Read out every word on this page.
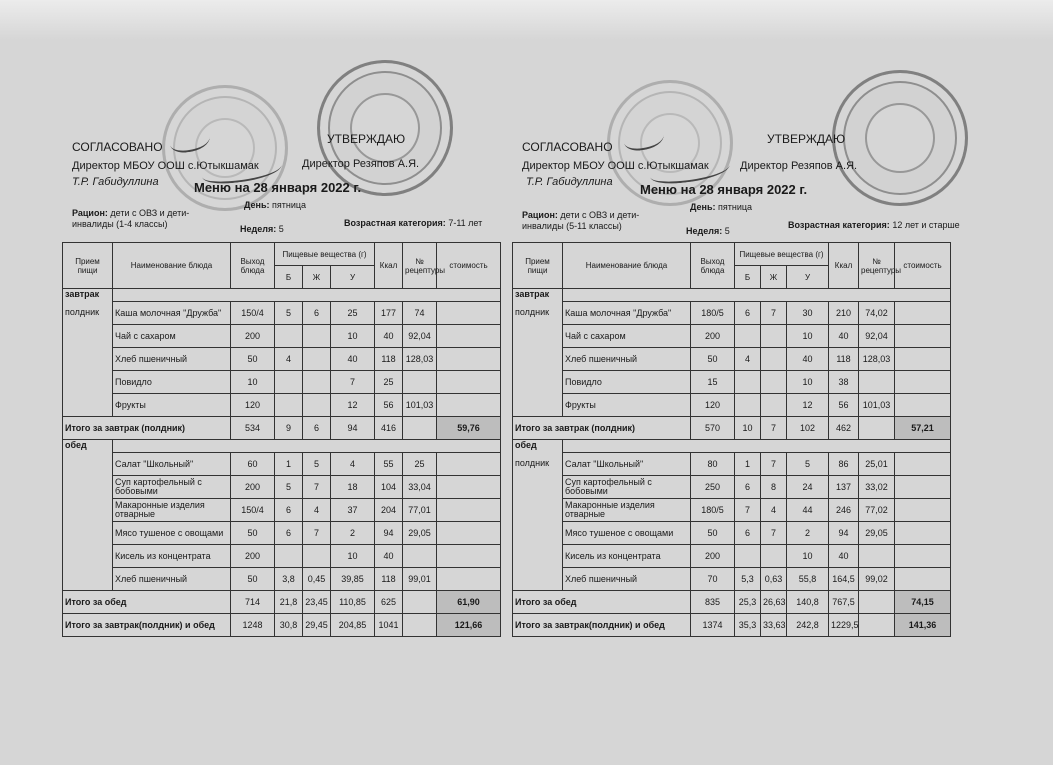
СОГЛАСОВАНО
УТВЕРЖДАЮ
Директор МБОУ ООШ с.Ютыкшамак	Директор Резяпов А.Я.
Т.Р. Габидуллина	Меню на 28 января 2022 г.
Рацион: дети с ОВЗ и дети-инвалиды (1-4 классы)
День: пятница
Неделя: 5
Возрастная категория: 7-11 лет
Прием пищи	Наименование блюда	Выход блюда	Пищевые вещества (г)			Ккал	№ рецептуры	стоимость
			Б	Ж	У			
завтрак
полдник								

	Каша молочная "Дружба"	150/4	5	6	25	177	74	
	Чай с сахаром	200			10	40	92,04	
	Хлеб пшеничный	50	4		40	118	128,03	
	Повидло	10			7	25		
	Фрукты	120			12	56	101,03	
Итого за завтрак (полдник)		534	9	6	94	416		59,76
обед							

	Салат "Школьный"	60	1	5	4	55	25	
	Суп картофельный с бобовыми	200	5	7	18	104	33,04	
	Макаронные изделия отварные	150/4	6	4	37	204	77,01	
	Мясо тушеное с овощами	50	6	7	2	94	29,05	
	Кисель из концентрата	200			10	40		
	Хлеб пшеничный	50	3,8	0,45	39,85	118	99,01	
Итого за обед		714	21,8	23,45	110,85	625		61,90
Итого за завтрак(полдник) и обед		1248	30,8	29,45	204,85	1041		121,66
СОГЛАСОВАНО
УТВЕРЖДАЮ
Директор МБОУ ООШ с.Ютыкшамак	Директор Резяпов А.Я.
Т.Р. Габидуллина Меню на 28 января 2022 г.
Рацион: дети с ОВЗ и дети-инвалиды (5-11 классы)
День: пятница
Неделя: 5
Возрастная категория: 12 лет и старше
Прием пищи	Наименование блюда	Выход блюда	Пищевые вещества (г)			Ккал	№ рецептуры	стоимость
			Б	Ж	У			
завтрак
полдник								

	Каша молочная "Дружба"	180/5	6	7	30	210	74,02	
	Чай с сахаром	200			10	40	92,04	
	Хлеб пшеничный	50	4		40	118	128,03	
	Повидло	15			10	38		
	Фрукты	120			12	56	101,03	
Итого за завтрак (полдник)		570	10	7	102	462		57,21
обед
полдник								

	Салат "Школьный"	80	1	7	5	86	25,01	
	Суп картофельный с бобовыми	250	6	8	24	137	33,02	
	Макаронные изделия отварные	180/5	7	4	44	246	77,02	
	Мясо тушеное с овощами	50	6	7	2	94	29,05	
	Кисель из концентрата	200			10	40		
	Хлеб пшеничный	70	5,3	0,63	55,8	164,5	99,02	
Итого за обед		835	25,3	26,63	140,8	767,5		74,15
Итого за завтрак(полдник) и обед		1374	35,3	33,63	242,8	1229,5		141,36
